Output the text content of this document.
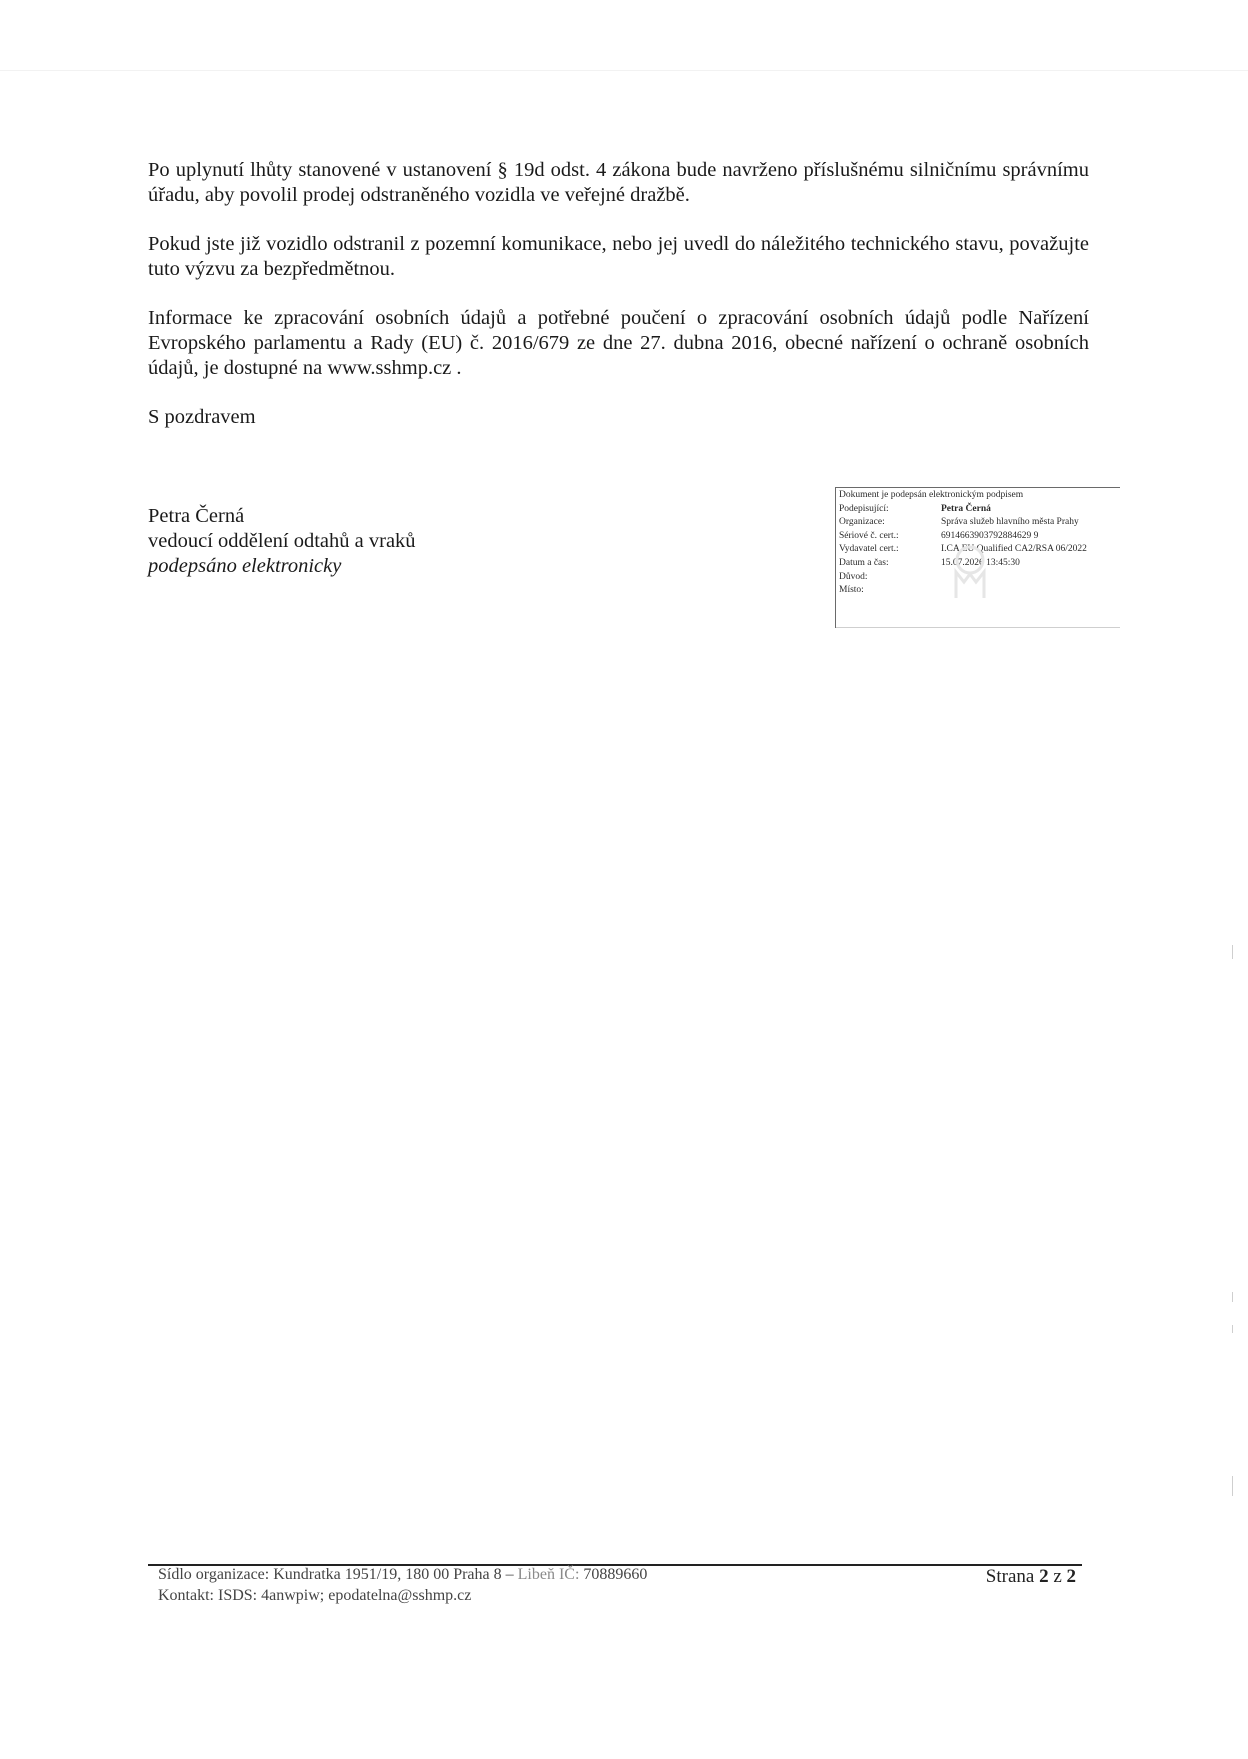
Po uplynutí lhůty stanovené v ustanovení § 19d odst. 4 zákona bude navrženo příslušnému silničnímu správnímu úřadu, aby povolil prodej odstraněného vozidla ve veřejné dražbě.

Pokud jste již vozidlo odstranil z pozemní komunikace, nebo jej uvedl do náležitého technického stavu, považujte tuto výzvu za bezpředmětnou.

Informace ke zpracování osobních údajů a potřebné poučení o zpracování osobních údajů podle Nařízení Evropského parlamentu a Rady (EU) č. 2016/679 ze dne 27. dubna 2016, obecné nařízení o ochraně osobních údajů, je dostupné na www.sshmp.cz .

S pozdravem

Petra Černá
vedoucí oddělení odtahů a vraků
podepsáno elektronicky
Dokument je podepsán elektronickým podpisem
Podepisující:	Petra Černá
Organizace:	Správa služeb hlavního města Prahy
Sériové č. cert.:	6914663903792884629 9
Vydavatel cert.:	I.CA EU Qualified CA2/RSA 06/2022
Datum a čas:	15.07.2026 13:45:30
Důvod:
Místo:
Sídlo organizace: Kundratka 1951/19, 180 00 Praha 8 – Libeň IČ: 70889660
Kontakt: ISDS: 4anwpiw; epodatelna@sshmp.cz
Strana 2 z 2
